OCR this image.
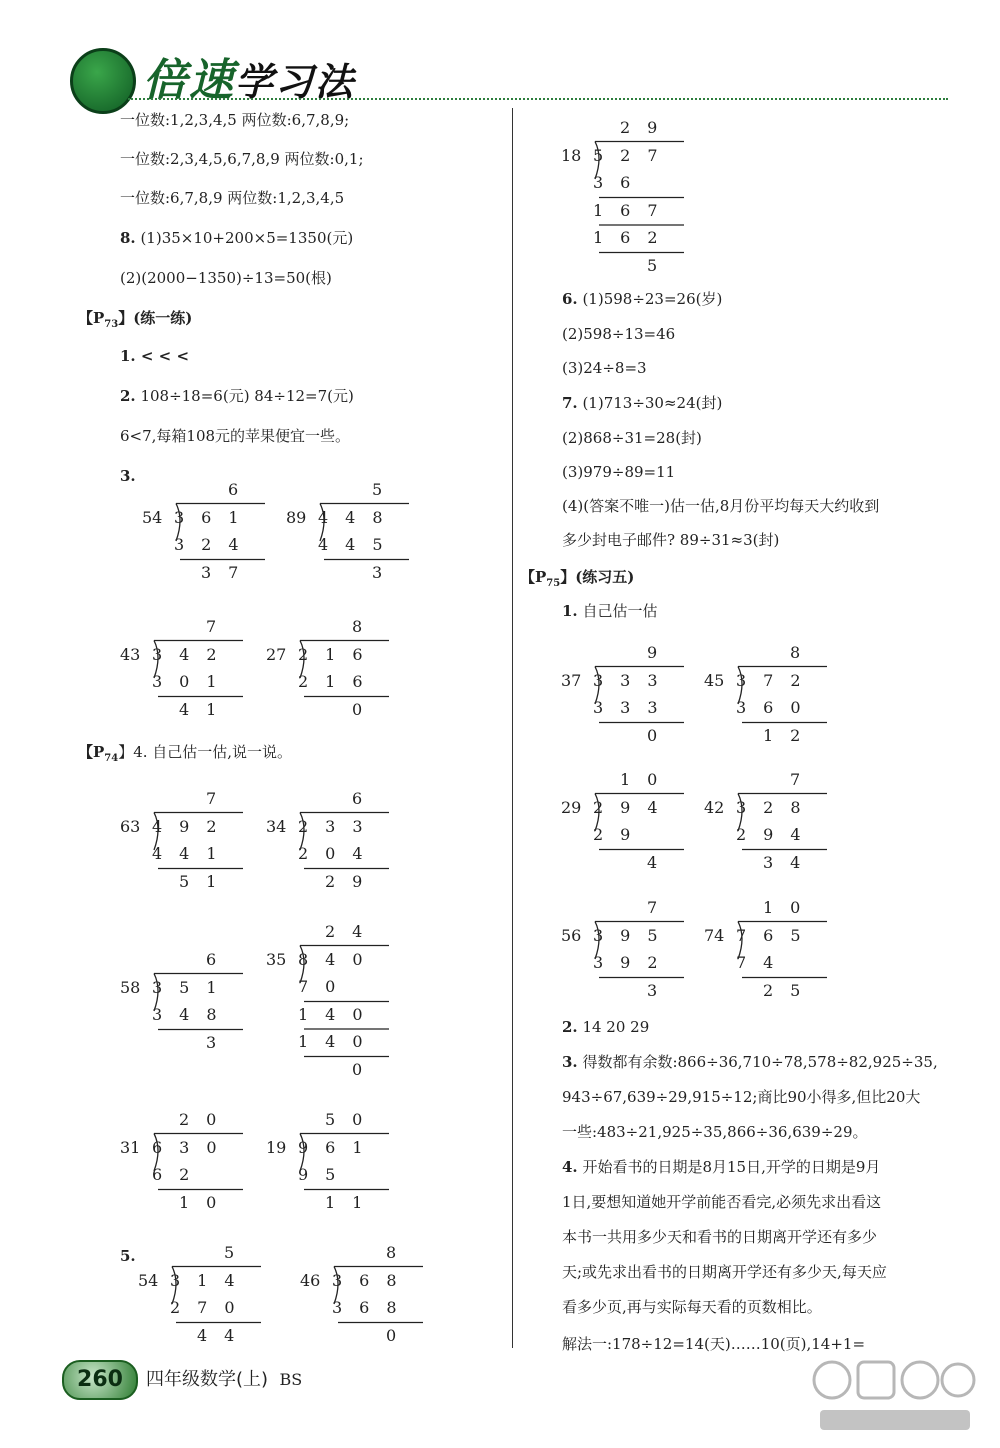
倍速学习法
一位数:1,2,3,4,5 两位数:6,7,8,9;
一位数:2,3,4,5,6,7,8,9 两位数:0,1;
一位数:6,7,8,9 两位数:1,2,3,4,5
8. (1)35×10+200×5=1350(元)
(2)(2000−1350)÷13=50(根)
【$P_{73}$】(练一练)
1. < < <
2. 108÷18=6(元) 84÷12=7(元)
6<7,每箱108元的苹果便宜一些。
3.
【$P_{74}$】4. 自己估一估,说一说。
5.
6. (1)598÷23=26(岁)
(2)598÷13=46
(3)24÷8=3
7. (1)713÷30≈24(封)
(2)868÷31=28(封)
(3)979÷89=11
(4)(答案不唯一)估一估,8月份平均每天大约收到
多少封电子邮件? 89÷31≈3(封)
【$P_{75}$】(练习五)
1. 自己估一估
2. 14 20 29
3. 得数都有余数:866÷36,710÷78,578÷82,925÷35,
943÷67,639÷29,915÷12;商比90小得多,但比20大
一些:483÷21,925÷35,866÷36,639÷29。
4. 开始看书的日期是8月15日,开学的日期是9月
1日,要想知道她开学前能否看完,必须先求出看这
本书一共用多少天和看书的日期离开学还有多少
天;或先求出看书的日期离开学还有多少天,每天应
看多少页,再与实际每天看的页数相比。
解法一:178÷12=14(天)……10(页),14+1=
29
18 527
36
167
162
5
6
54 361
324
37
5
89 448
445
3
7
43 342
301
41
8
27 216
216
0
7
63 492
441
51
6
34 233
204
29
6
58 351
348
3
24
35 840
70
140
140
0
20
31 630
62
10
50
19 961
95
11
5
54 314
270
44
8
46 368
368
0
9
37 333
333
0
8
45 372
360
12
10
29 294
29
4
7
42 328
294
34
7
56 395
392
3
10
74 765
74
25
260	四年级数学(上) BS
